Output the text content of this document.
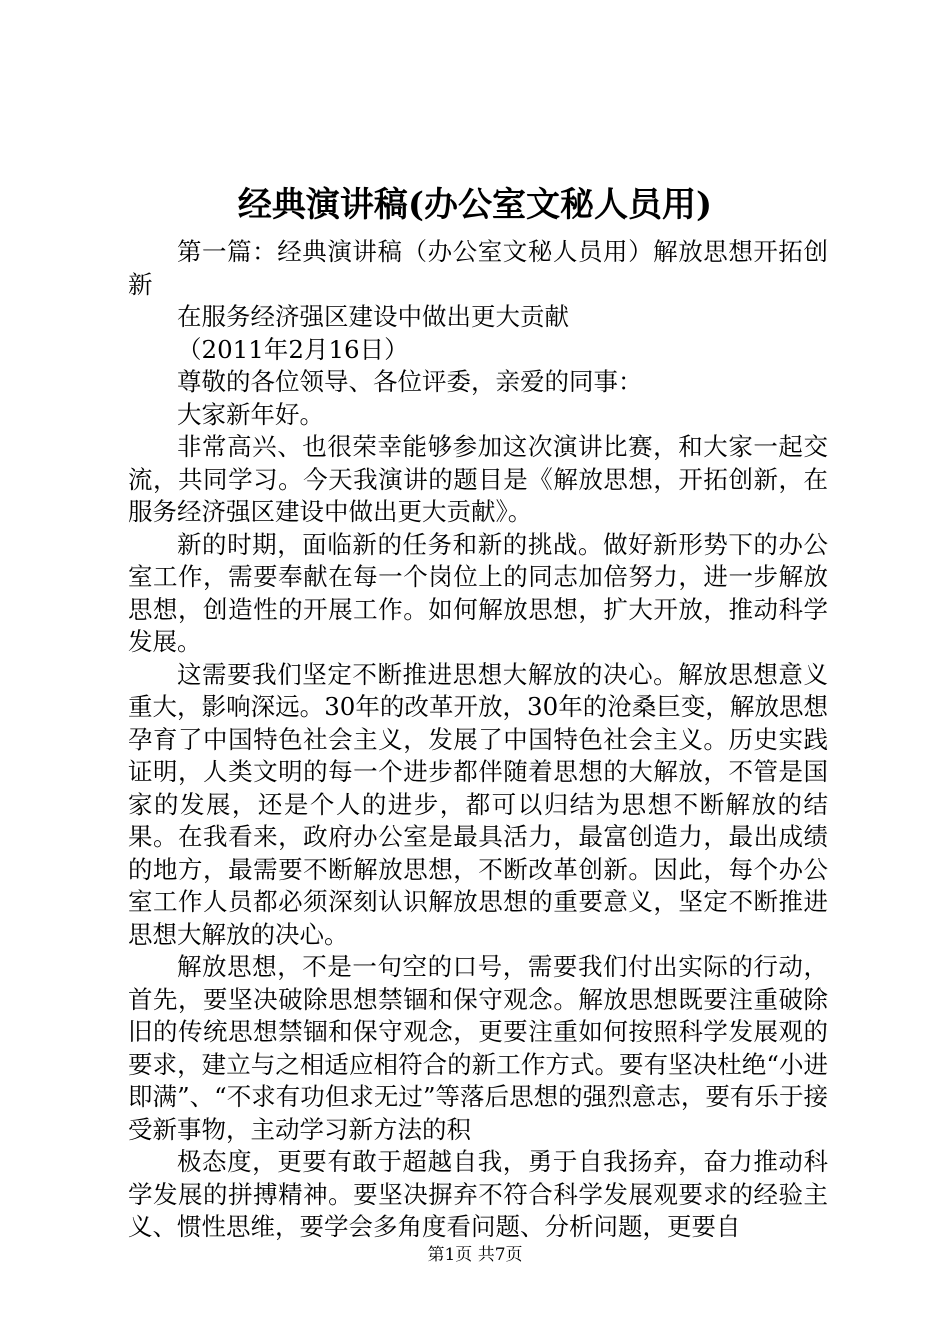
经典演讲稿(办公室文秘人员用)

第一篇：经典演讲稿（办公室文秘人员用）解放思想开拓创新

在服务经济强区建设中做出更大贡献

（2011年2月16日）

尊敬的各位领导、各位评委，亲爱的同事：

大家新年好。

非常高兴、也很荣幸能够参加这次演讲比赛，和大家一起交流，共同学习。今天我演讲的题目是《解放思想，开拓创新，在服务经济强区建设中做出更大贡献》。

新的时期，面临新的任务和新的挑战。做好新形势下的办公室工作，需要奉献在每一个岗位上的同志加倍努力，进一步解放思想，创造性的开展工作。如何解放思想，扩大开放，推动科学发展。

这需要我们坚定不断推进思想大解放的决心。解放思想意义重大，影响深远。30年的改革开放，30年的沧桑巨变，解放思想孕育了中国特色社会主义，发展了中国特色社会主义。历史实践证明，人类文明的每一个进步都伴随着思想的大解放，不管是国家的发展，还是个人的进步，都可以归结为思想不断解放的结果。在我看来，政府办公室是最具活力，最富创造力，最出成绩的地方，最需要不断解放思想，不断改革创新。因此，每个办公室工作人员都必须深刻认识解放思想的重要意义，坚定不断推进思想大解放的决心。

解放思想，不是一句空的口号，需要我们付出实际的行动，首先，要坚决破除思想禁锢和保守观念。解放思想既要注重破除旧的传统思想禁锢和保守观念，更要注重如何按照科学发展观的要求，建立与之相适应相符合的新工作方式。要有坚决杜绝“小进即满”、“不求有功但求无过”等落后思想的强烈意志，要有乐于接受新事物，主动学习新方法的积

极态度，更要有敢于超越自我，勇于自我扬弃，奋力推动科学发展的拼搏精神。要坚决摒弃不符合科学发展观要求的经验主义、惯性思维，要学会多角度看问题、分析问题，更要自

第1页 共7页
